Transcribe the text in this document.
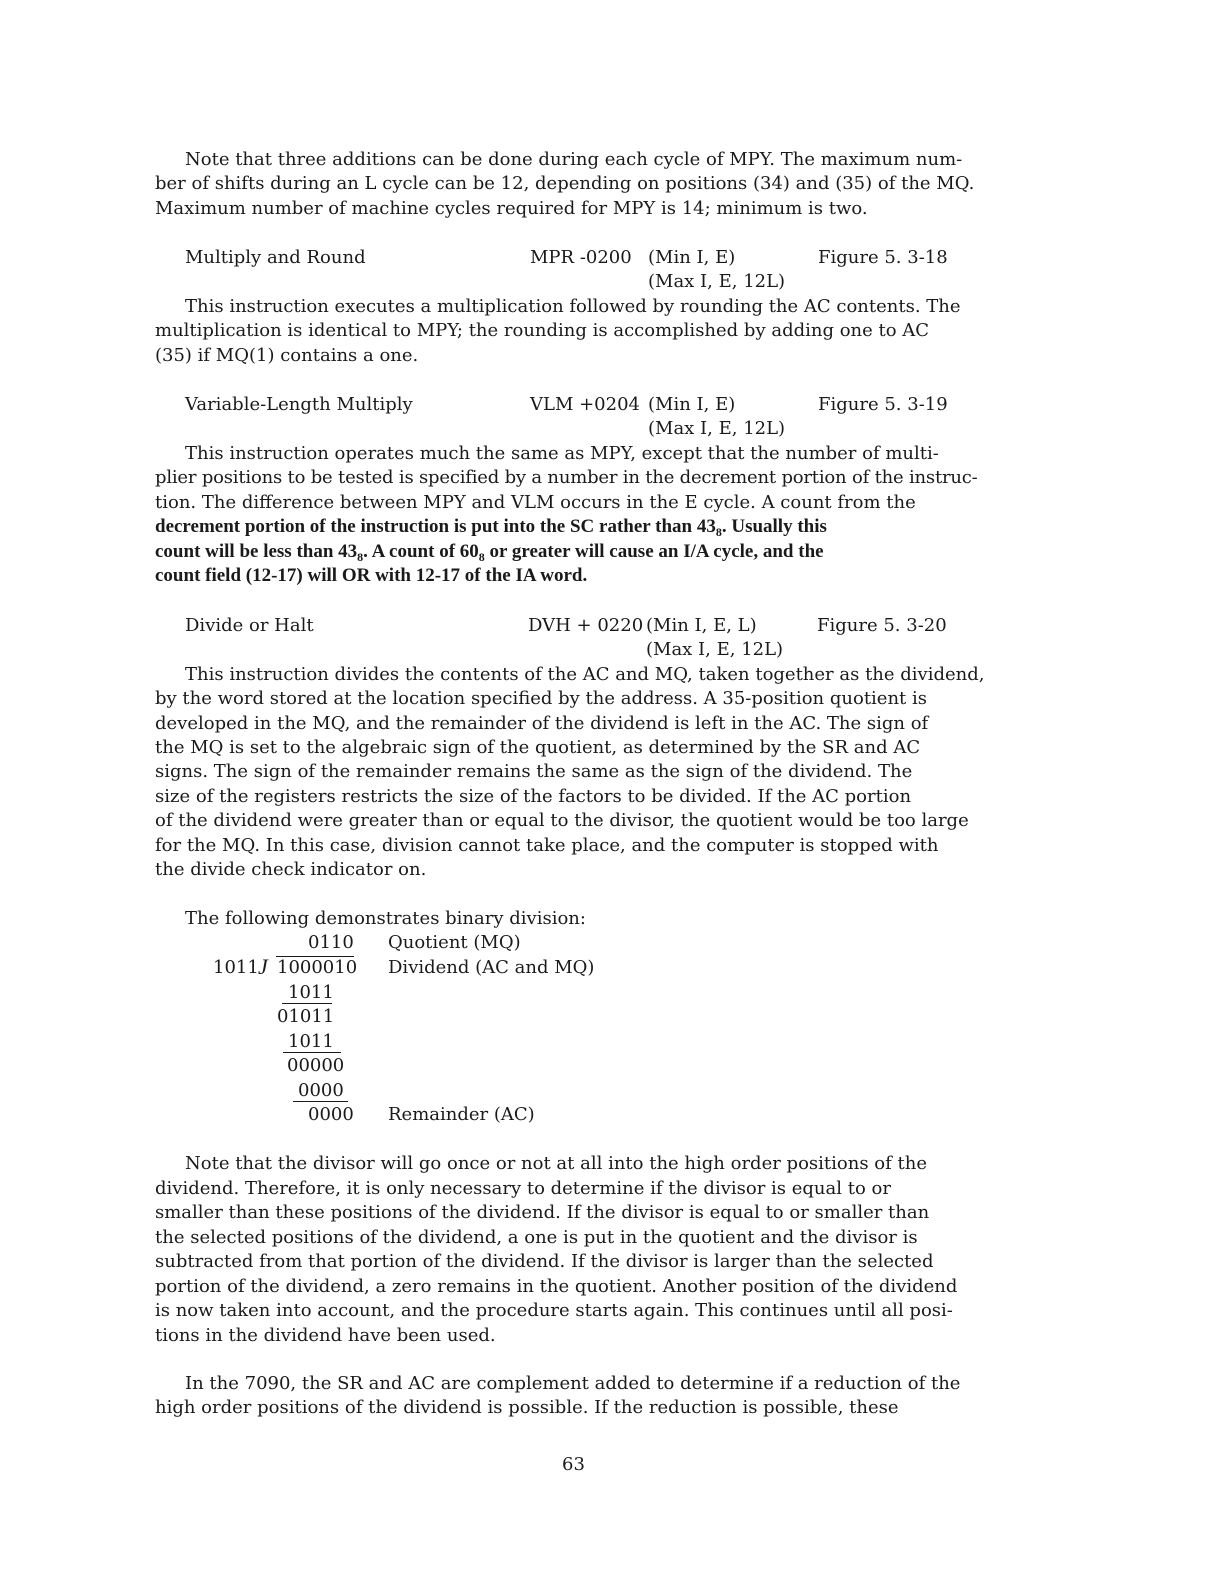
Note that three additions can be done during each cycle of MPY. The maximum num-
ber of shifts during an L cycle can be 12, depending on positions (34) and (35) of the MQ.
Maximum number of machine cycles required for MPY is 14; minimum is two.
Multiply and Round	MPR -0200 (Min I, E)	Figure 5. 3-18
(Max I, E, 12L)
This instruction executes a multiplication followed by rounding the AC contents. The
multiplication is identical to MPY; the rounding is accomplished by adding one to AC
(35) if MQ(1) contains a one.
Variable-Length Multiply	VLM +0204 (Min I, E)	Figure 5. 3-19
(Max I, E, 12L)
This instruction operates much the same as MPY, except that the number of multi-
plier positions to be tested is specified by a number in the decrement portion of the instruc-
tion. The difference between MPY and VLM occurs in the E cycle. A count from the
decrement portion of the instruction is put into the SC rather than $43_8$. Usually this
count will be less than $43_8$. A count of $60_8$ or greater will cause an I/A cycle, and the
count field (12-17) will OR with 12-17 of the IA word.
Divide or Halt	DVH + 0220 (Min I, E, L)	Figure 5. 3-20
(Max I, E, 12L)
This instruction divides the contents of the AC and MQ, taken together as the dividend,
by the word stored at the location specified by the address. A 35-position quotient is
developed in the MQ, and the remainder of the dividend is left in the AC. The sign of
the MQ is set to the algebraic sign of the quotient, as determined by the SR and AC
signs. The sign of the remainder remains the same as the sign of the dividend. The
size of the registers restricts the size of the factors to be divided. If the AC portion
of the dividend were greater than or equal to the divisor, the quotient would be too large
for the MQ. In this case, division cannot take place, and the computer is stopped with
the divide check indicator on.
The following demonstrates binary division:
0110 Quotient (MQ)
1011 J 1000010 Dividend (AC and MQ)
1011
01011
1011
00000
0000
0000 Remainder (AC)
Note that the divisor will go once or not at all into the high order positions of the
dividend. Therefore, it is only necessary to determine if the divisor is equal to or
smaller than these positions of the dividend. If the divisor is equal to or smaller than
the selected positions of the dividend, a one is put in the quotient and the divisor is
subtracted from that portion of the dividend. If the divisor is larger than the selected
portion of the dividend, a zero remains in the quotient. Another position of the dividend
is now taken into account, and the procedure starts again. This continues until all posi-
tions in the dividend have been used.
In the 7090, the SR and AC are complement added to determine if a reduction of the
high order positions of the dividend is possible. If the reduction is possible, these
63
